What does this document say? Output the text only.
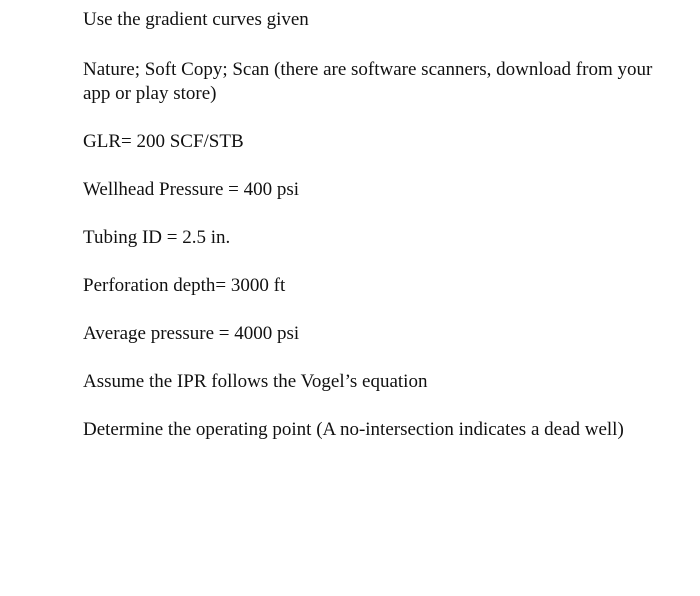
Use the gradient curves given

Nature; Soft Copy; Scan (there are software scanners, download from your app or play store)

GLR= 200 SCF/STB

Wellhead Pressure = 400 psi

Tubing ID = 2.5 in.

Perforation depth= 3000 ft

Average pressure = 4000 psi

Assume the IPR follows the Vogel’s equation

Determine the operating point (A no-intersection indicates a dead well)
